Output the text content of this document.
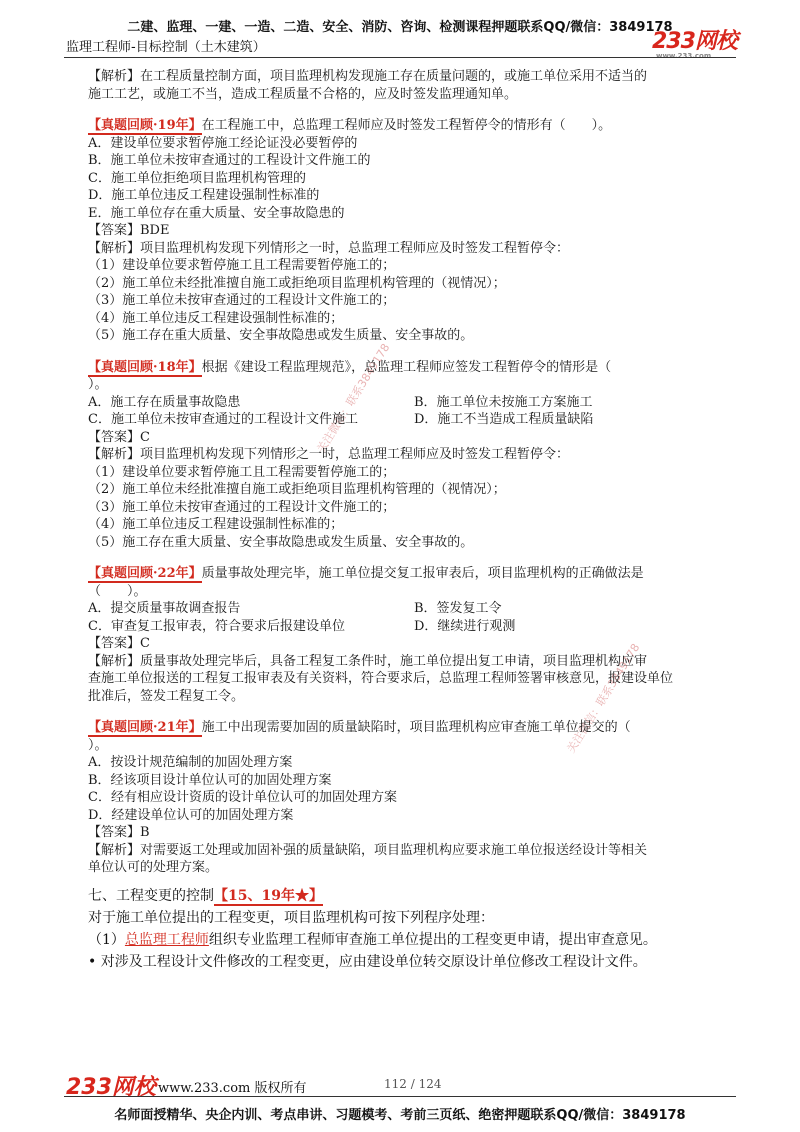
二建、监理、一建、一造、二造、安全、消防、咨询、检测课程押题联系QQ/微信：3849178
监理工程师-目标控制（土木建筑）	233网校
www.233.com
关注微信：联系3849178
关注微信：联系3849178
【解析】在工程质量控制方面，项目监理机构发现施工存在质量问题的，或施工单位采用不适当的
施工工艺，或施工不当，造成工程质量不合格的，应及时签发监理通知单。
【真题回顾·19年】在工程施工中，总监理工程师应及时签发工程暂停令的情形有（　　）。
A．建设单位要求暂停施工经论证没必要暂停的
B．施工单位未按审查通过的工程设计文件施工的
C．施工单位拒绝项目监理机构管理的
D．施工单位违反工程建设强制性标准的
E．施工单位存在重大质量、安全事故隐患的
【答案】BDE
【解析】项目监理机构发现下列情形之一时，总监理工程师应及时签发工程暂停令：
（1）建设单位要求暂停施工且工程需要暂停施工的；
（2）施工单位未经批准擅自施工或拒绝项目监理机构管理的（视情况）；
（3）施工单位未按审查通过的工程设计文件施工的；
（4）施工单位违反工程建设强制性标准的；
（5）施工存在重大质量、安全事故隐患或发生质量、安全事故的。
【真题回顾·18年】根据《建设工程监理规范》，总监理工程师应签发工程暂停令的情形是（
）。
A．施工存在质量事故隐患	B．施工单位未按施工方案施工
C．施工单位未按审查通过的工程设计文件施工	D．施工不当造成工程质量缺陷
【答案】C
【解析】项目监理机构发现下列情形之一时，总监理工程师应及时签发工程暂停令：
（1）建设单位要求暂停施工且工程需要暂停施工的；
（2）施工单位未经批准擅自施工或拒绝项目监理机构管理的（视情况）；
（3）施工单位未按审查通过的工程设计文件施工的；
（4）施工单位违反工程建设强制性标准的；
（5）施工存在重大质量、安全事故隐患或发生质量、安全事故的。
【真题回顾·22年】质量事故处理完毕，施工单位提交复工报审表后，项目监理机构的正确做法是
（　　）。
A．提交质量事故调查报告	B．签发复工令
C．审查复工报审表，符合要求后报建设单位	D．继续进行观测
【答案】C
【解析】质量事故处理完毕后，具备工程复工条件时，施工单位提出复工申请，项目监理机构应审
查施工单位报送的工程复工报审表及有关资料，符合要求后，总监理工程师签署审核意见，报建设单位
批准后，签发工程复工令。
【真题回顾·21年】施工中出现需要加固的质量缺陷时，项目监理机构应审查施工单位提交的（
）。
A．按设计规范编制的加固处理方案
B．经该项目设计单位认可的加固处理方案
C．经有相应设计资质的设计单位认可的加固处理方案
D．经建设单位认可的加固处理方案
【答案】B
【解析】对需要返工处理或加固补强的质量缺陷，项目监理机构应要求施工单位报送经设计等相关
单位认可的处理方案。
七、工程变更的控制【15、19年★】
对于施工单位提出的工程变更，项目监理机构可按下列程序处理：
（1）总监理工程师组织专业监理工程师审查施工单位提出的工程变更申请，提出审查意见。
• 对涉及工程设计文件修改的工程变更，应由建设单位转交原设计单位修改工程设计文件。
233网校 www.233.com 版权所有	112 / 124
名师面授精华、央企内训、考点串讲、习题模考、考前三页纸、绝密押题联系QQ/微信：3849178
